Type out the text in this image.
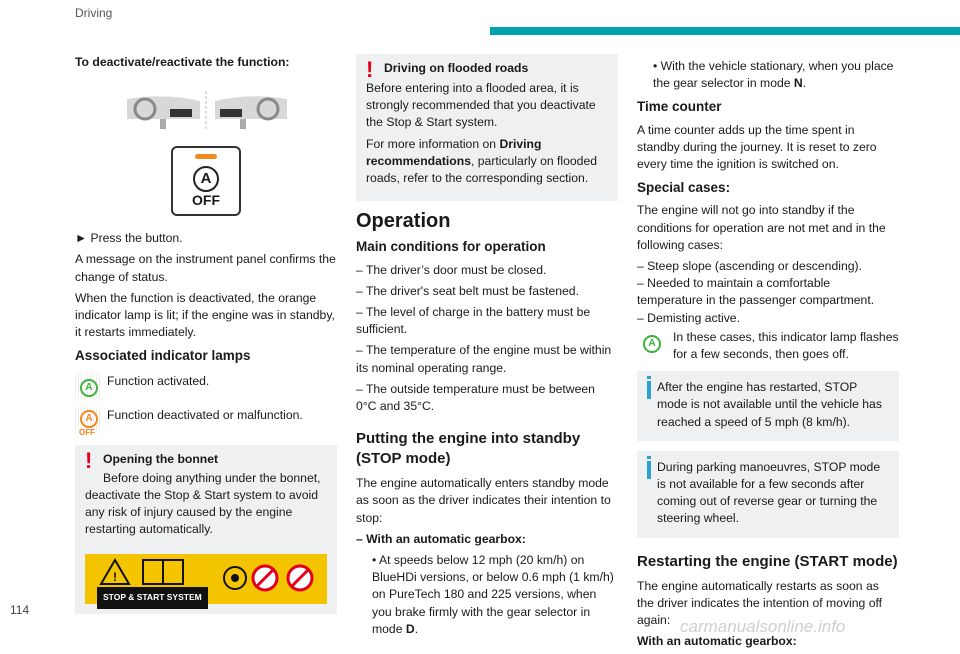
Driving
114
carmanualsonline.info

To deactivate/reactivate the function:

A
OFF

► Press the button.

A message on the instrument panel confirms the change of status.

When the function is deactivated, the orange indicator lamp is lit; if the engine was in standby, it restarts immediately.

Associated indicator lamps
A	Function activated.
A
OFF
Function deactivated or malfunction.
! Opening the bonnet
Before doing anything under the bonnet, deactivate the Stop & Start system to avoid any risk of injury caused by the engine restarting automatically.
!
STOP & START SYSTEM
! Driving on flooded roads

Before entering into a flooded area, it is strongly recommended that you deactivate the Stop & Start system.

For more information on Driving recommendations, particularly on flooded roads, refer to the corresponding section.

Operation
Main conditions for operation

– The driver’s door must be closed.

– The driver's seat belt must be fastened.

– The level of charge in the battery must be sufficient.

– The temperature of the engine must be within its nominal operating range.

– The outside temperature must be between 0°C and 35°C.

Putting the engine into standby (STOP mode)

The engine automatically enters standby mode as soon as the driver indicates their intention to stop:

– With an automatic gearbox:

• At speeds below 12 mph (20 km/h) on BlueHDi versions, or below 0.6 mph (1 km/h) on PureTech 180 and 225 versions, when you brake firmly with the gear selector in mode D.

• With the vehicle stationary, when you place the gear selector in mode N.

Time counter

A time counter adds up the time spent in standby during the journey. It is reset to zero every time the ignition is switched on.

Special cases:

The engine will not go into standby if the conditions for operation are not met and in the following cases:

– Steep slope (ascending or descending).

– Needed to maintain a comfortable temperature in the passenger compartment.

– Demisting active.

A	In these cases, this indicator lamp flashes for a few seconds, then goes off.
After the engine has restarted, STOP mode is not available until the vehicle has reached a speed of 5 mph (8 km/h).
During parking manoeuvres, STOP mode is not available for a few seconds after coming out of reverse gear or turning the steering wheel.
Restarting the engine (START mode)

The engine automatically restarts as soon as the driver indicates the intention of moving off again:

With an automatic gearbox:
